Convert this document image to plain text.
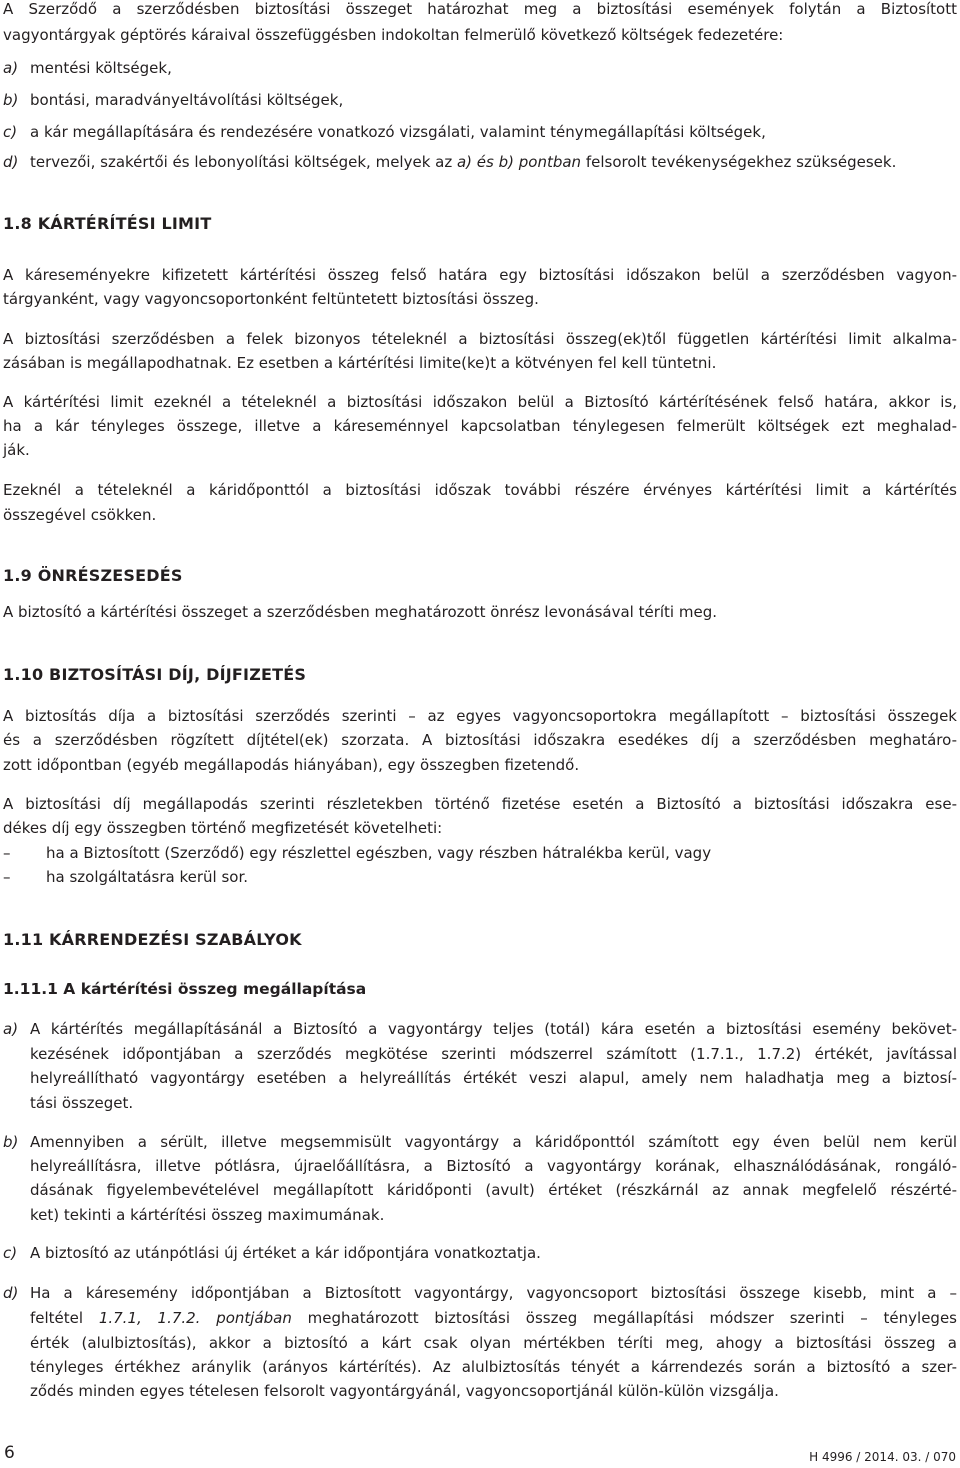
A Szerződő a szerződésben biztosítási összeget határozhat meg a biztosítási események folytán a Biztosított

vagyontárgyak géptörés káraival összefüggésben indokoltan felmerülő következő költségek fedezetére:

a) mentési költségek,

b) bontási, maradványeltávolítási költségek,

c) a kár megállapítására és rendezésére vonatkozó vizsgálati, valamint ténymegállapítási költségek,

d) tervezői, szakértői és lebonyolítási költségek, melyek az a) és b) pontban felsorolt tevékenységekhez szükségesek.

1.8 KÁRTÉRÍTÉSI LIMIT

A káreseményekre kifizetett kártérítési összeg felső határa egy biztosítási időszakon belül a szerződésben vagyon-

tárgyanként, vagy vagyoncsoportonként feltüntetett biztosítási összeg.

A biztosítási szerződésben a felek bizonyos tételeknél a biztosítási összeg(ek)től független kártérítési limit alkalma-

zásában is megállapodhatnak. Ez esetben a kártérítési limite(ke)t a kötvényen fel kell tüntetni.

A kártérítési limit ezeknél a tételeknél a biztosítási időszakon belül a Biztosító kártérítésének felső határa, akkor is,

ha a kár tényleges összege, illetve a káreseménnyel kapcsolatban ténylegesen felmerült költségek ezt meghalad-

ják.

Ezeknél a tételeknél a káridőponttól a biztosítási időszak további részére érvényes kártérítési limit a kártérítés

összegével csökken.

1.9 ÖNRÉSZESEDÉS

A biztosító a kártérítési összeget a szerződésben meghatározott önrész levonásával téríti meg.

1.10 BIZTOSÍTÁSI DÍJ, DÍJFIZETÉS

A biztosítás díja a biztosítási szerződés szerinti – az egyes vagyoncsoportokra megállapított – biztosítási összegek

és a szerződésben rögzített díjtétel(ek) szorzata. A biztosítási időszakra esedékes díj a szerződésben meghatáro-

zott időpontban (egyéb megállapodás hiányában), egy összegben fizetendő.

A biztosítási díj megállapodás szerinti részletekben történő fizetése esetén a Biztosító a biztosítási időszakra ese-

dékes díj egy összegben történő megfizetését követelheti:

– ha a Biztosított (Szerződő) egy részlettel egészben, vagy részben hátralékba kerül, vagy

– ha szolgáltatásra kerül sor.

1.11 KÁRRENDEZÉSI SZABÁLYOK

1.11.1 A kártérítési összeg megállapítása

a) A kártérítés megállapításánál a Biztosító a vagyontárgy teljes (totál) kára esetén a biztosítási esemény bekövet-

kezésének időpontjában a szerződés megkötése szerinti módszerrel számított (1.7.1., 1.7.2) értékét, javítással

helyreállítható vagyontárgy esetében a helyreállítás értékét veszi alapul, amely nem haladhatja meg a biztosí-

tási összeget.

b) Amennyiben a sérült, illetve megsemmisült vagyontárgy a káridőponttól számított egy éven belül nem kerül

helyreállításra, illetve pótlásra, újraelőállításra, a Biztosító a vagyontárgy korának, elhasználódásának, rongáló-

dásának figyelembevételével megállapított káridőponti (avult) értéket (részkárnál az annak megfelelő részérté-

ket) tekinti a kártérítési összeg maximumának.

c) A biztosító az utánpótlási új értéket a kár időpontjára vonatkoztatja.

d) Ha a káresemény időpontjában a Biztosított vagyontárgy, vagyoncsoport biztosítási összege kisebb, mint a –

feltétel 1.7.1, 1.7.2. pontjában meghatározott biztosítási összeg megállapítási módszer szerinti – tényleges

érték (alulbiztosítás), akkor a biztosító a kárt csak olyan mértékben téríti meg, ahogy a biztosítási összeg a

tényleges értékhez aránylik (arányos kártérítés). Az alulbiztosítás tényét a kárrendezés során a biztosító a szer-

ződés minden egyes tételesen felsorolt vagyontárgyánál, vagyoncsoportjánál külön-külön vizsgálja.

6	H 4996 / 2014. 03. / 070
